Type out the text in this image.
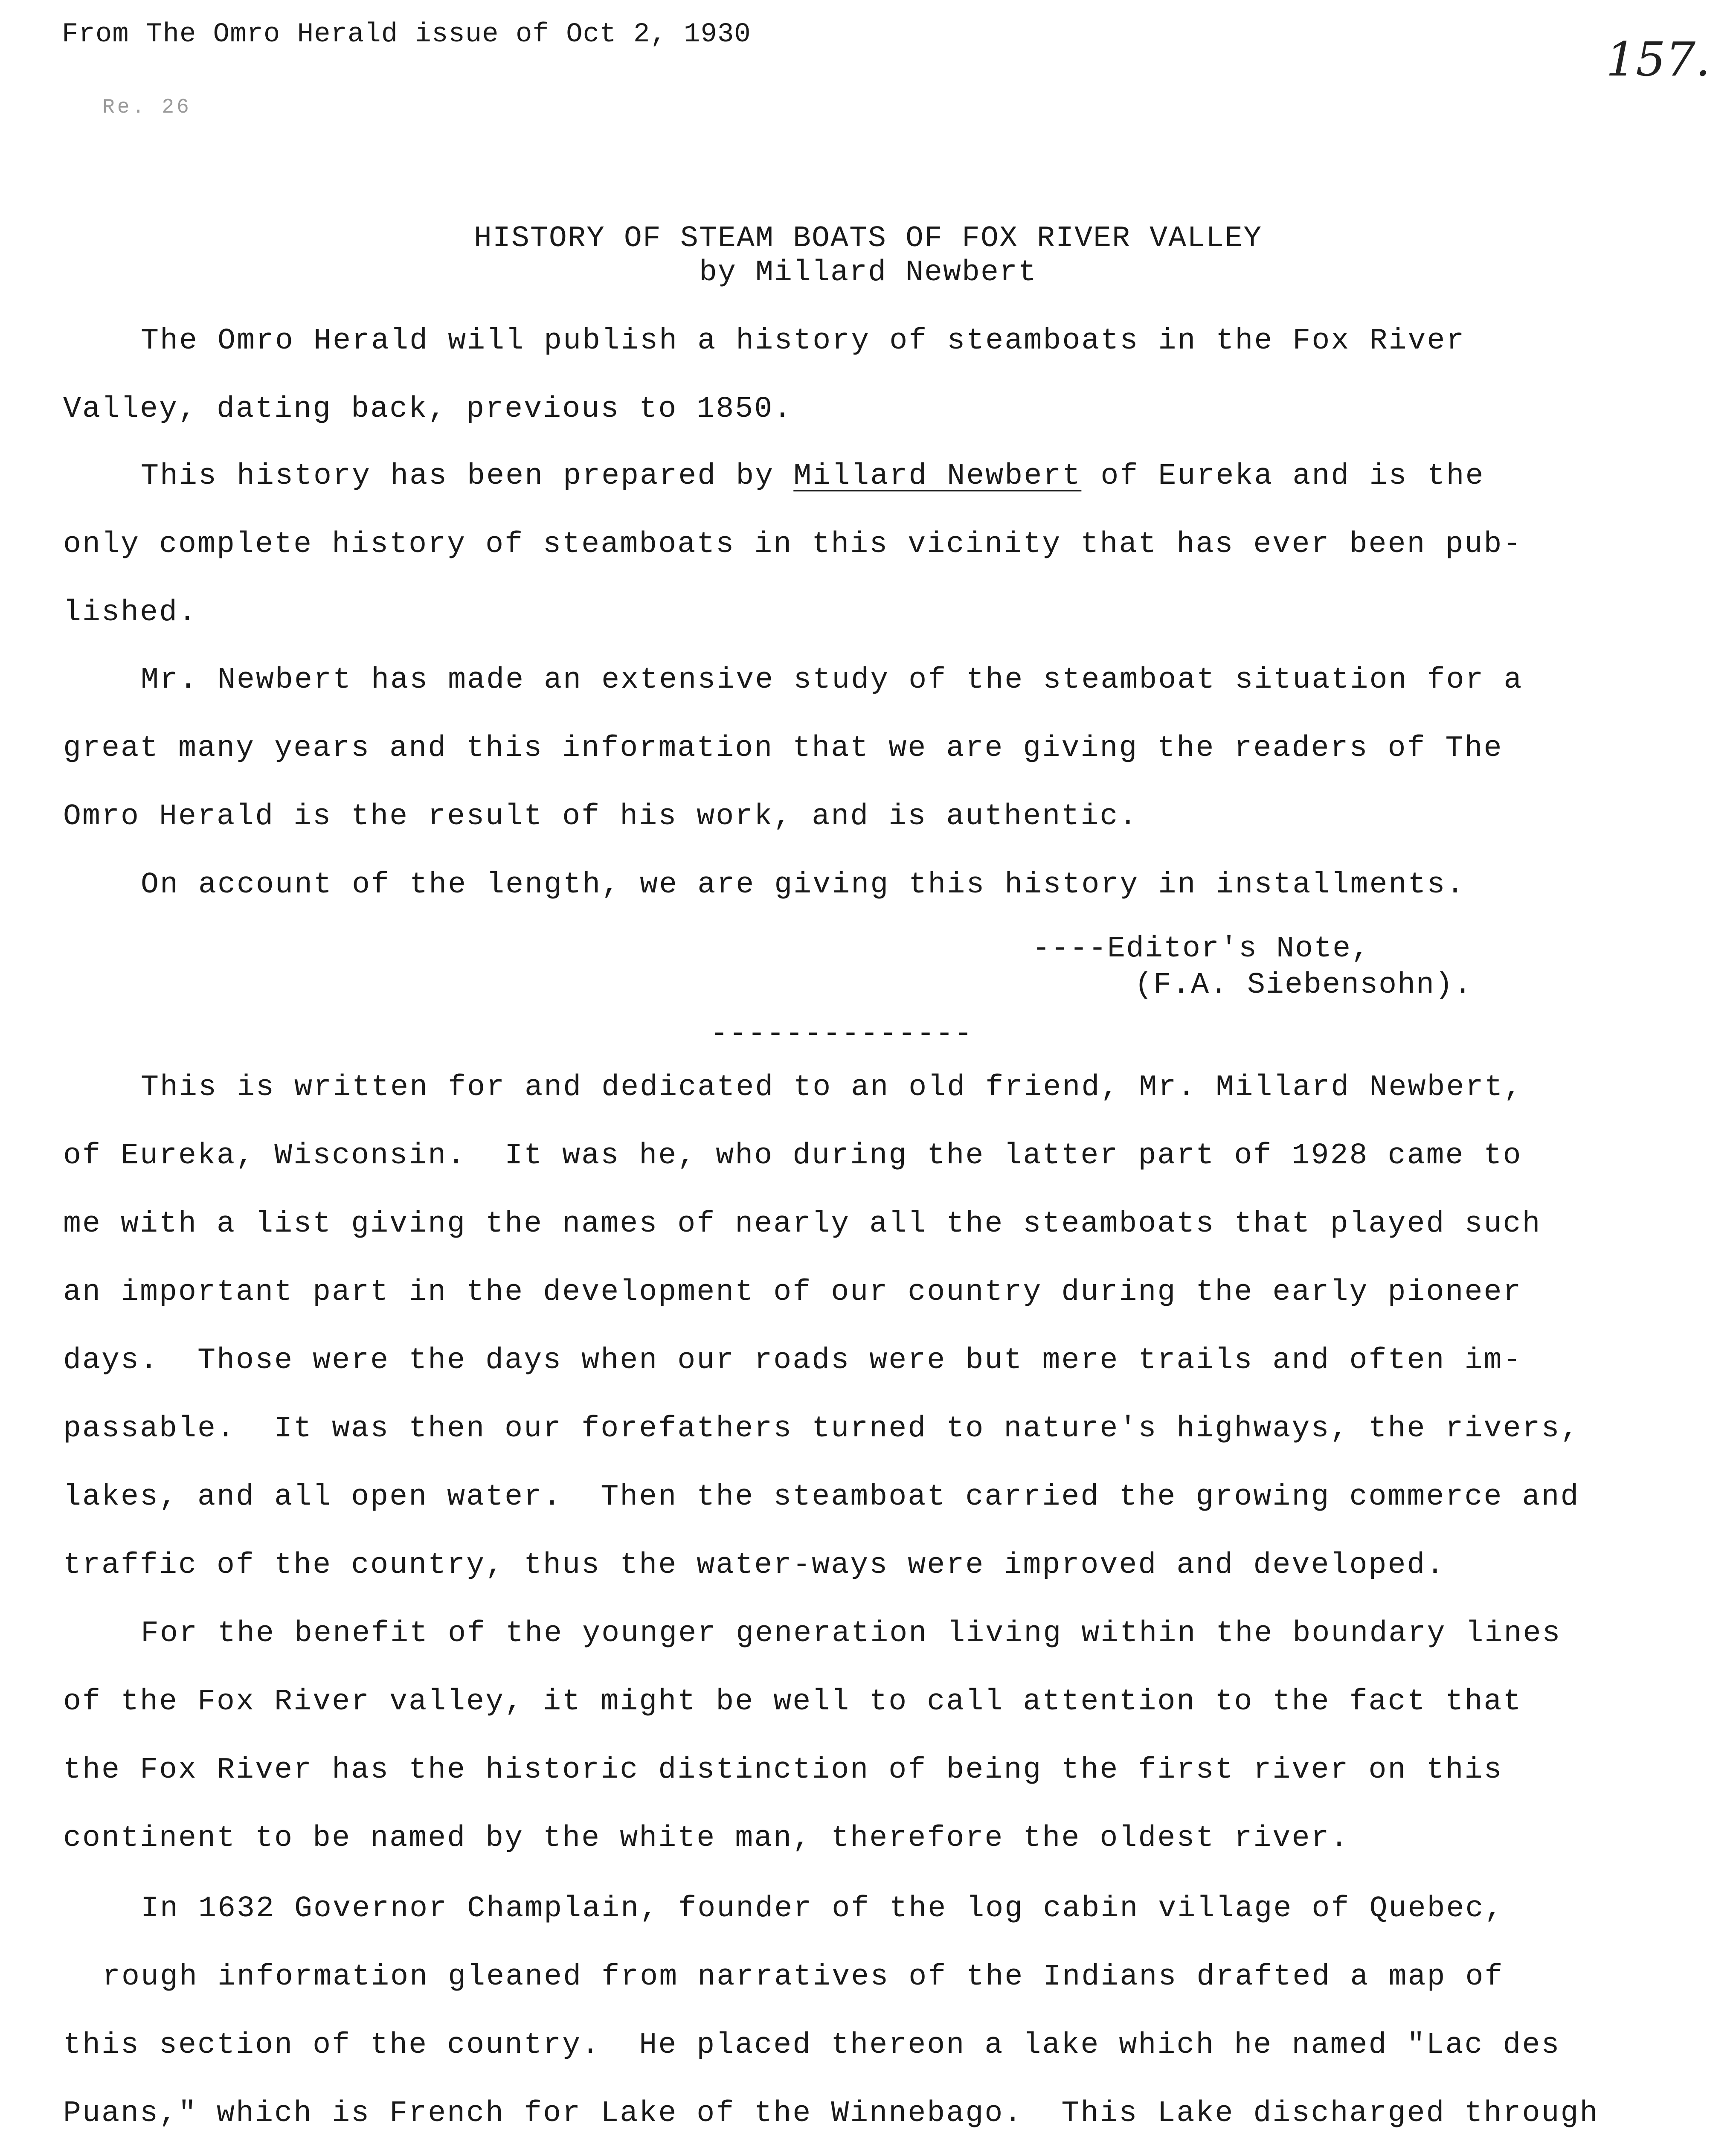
From The Omro Herald issue of Oct 2, 1930	157.
Re. 26
HISTORY OF STEAM BOATS OF FOX RIVER VALLEY
by Millard Newbert
The Omro Herald will publish a history of steamboats in the Fox River
Valley, dating back, previous to 1850.
This history has been prepared by Millard Newbert of Eureka and is the
only complete history of steamboats in this vicinity that has ever been pub-
lished.
Mr. Newbert has made an extensive study of the steamboat situation for a
great many years and this information that we are giving the readers of The
Omro Herald is the result of his work, and is authentic.
On account of the length, we are giving this history in installments.
----Editor's Note,
(F.A. Siebensohn).
--------------
This is written for and dedicated to an old friend, Mr. Millard Newbert,
of Eureka, Wisconsin.  It was he, who during the latter part of 1928 came to
me with a list giving the names of nearly all the steamboats that played such
an important part in the development of our country during the early pioneer
days.  Those were the days when our roads were but mere trails and often im-
passable.  It was then our forefathers turned to nature's highways, the rivers,
lakes, and all open water.  Then the steamboat carried the growing commerce and
traffic of the country, thus the water-ways were improved and developed.
For the benefit of the younger generation living within the boundary lines
of the Fox River valley, it might be well to call attention to the fact that
the Fox River has the historic distinction of being the first river on this
continent to be named by the white man, therefore the oldest river.
In 1632 Governor Champlain, founder of the log cabin village of Quebec,
rough information gleaned from narratives of the Indians drafted a map of
this section of the country.  He placed thereon a lake which he named "Lac des
Puans," which is French for Lake of the Winnebago.  This Lake discharged through
